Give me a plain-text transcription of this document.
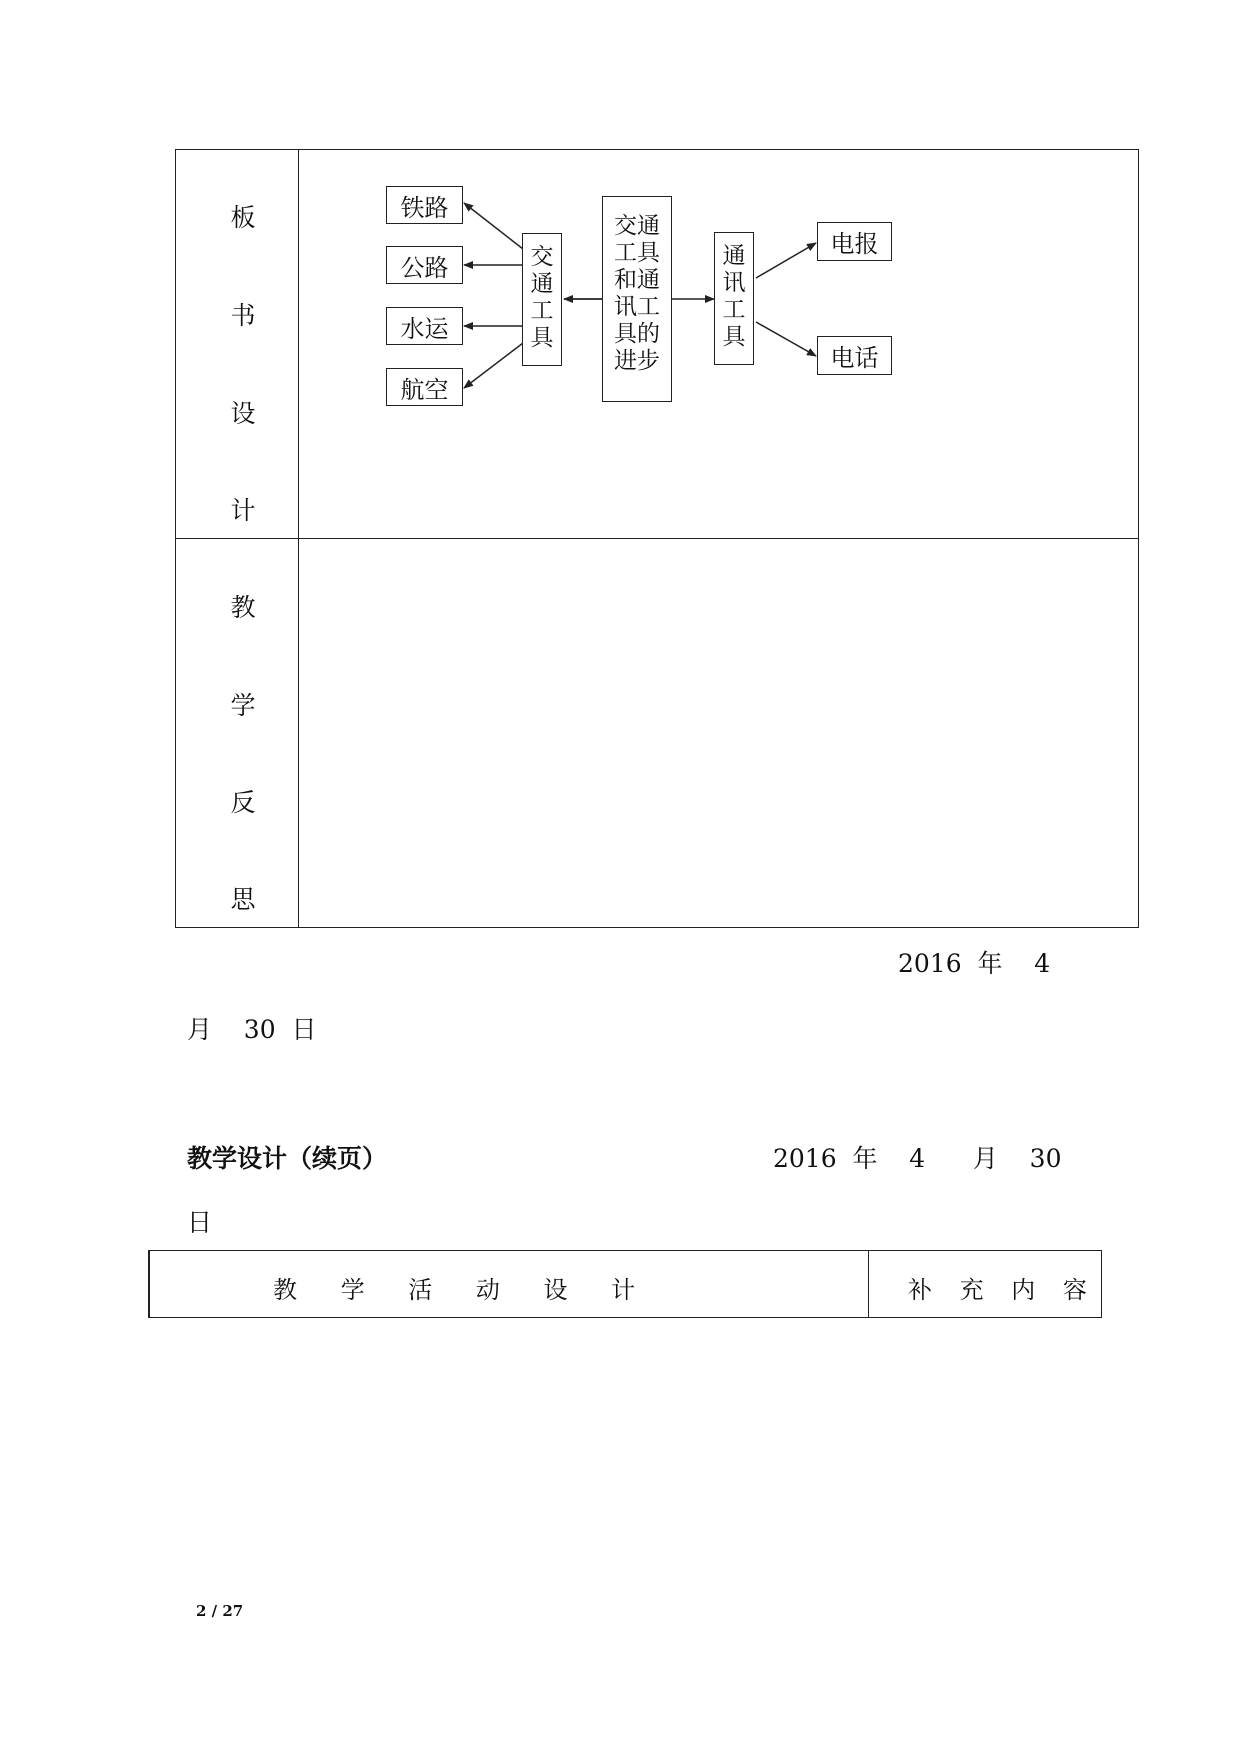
板
书
设
计
教
学
反
思
铁路
公路
水运
航空
交
通
工
具
交通
工具
和通
讯工
具的
进步
通
讯
工
具
电报
电话
2016  年    4
月    30  日
教学设计（续页）	2016  年    4      月    30
日
教 学 活 动 设 计	补 充 内 容
2 / 27
